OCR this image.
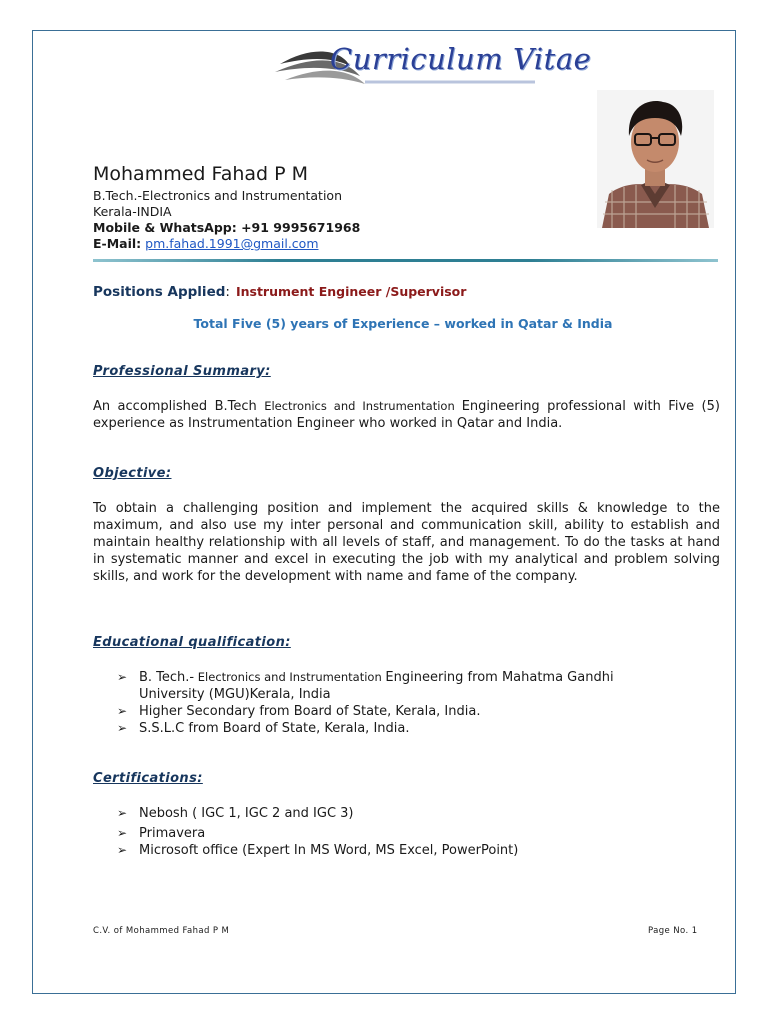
Curriculum Vitae
Mohammed Fahad P M
B.Tech.-Electronics and Instrumentation
Kerala-INDIA
Mobile & WhatsApp: +91 9995671968
E-Mail: pm.fahad.1991@gmail.com
Positions Applied: Instrument Engineer /Supervisor
Total Five (5) years of Experience – worked in Qatar & India
Professional Summary:
An accomplished B.Tech Electronics and Instrumentation Engineering professional with Five (5) experience as Instrumentation Engineer who worked in Qatar and India.
Objective:
To obtain a challenging position and implement the acquired skills & knowledge to the maximum, and also use my inter personal and communication skill, ability to establish and maintain healthy relationship with all levels of staff, and management. To do the tasks at hand in systematic manner and excel in executing the job with my analytical and problem solving skills, and work for the development with name and fame of the company.
Educational qualification:
➢ B. Tech.- Electronics and Instrumentation Engineering from Mahatma Gandhi University (MGU)Kerala, India
➢ Higher Secondary from Board of State, Kerala, India.
➢ S.S.L.C from Board of State, Kerala, India.
Certifications:
➢ Nebosh ( IGC 1, IGC 2 and IGC 3)
➢ Primavera
➢ Microsoft office (Expert In MS Word, MS Excel, PowerPoint)
C.V. of Mohammed Fahad P M	Page No. 1
